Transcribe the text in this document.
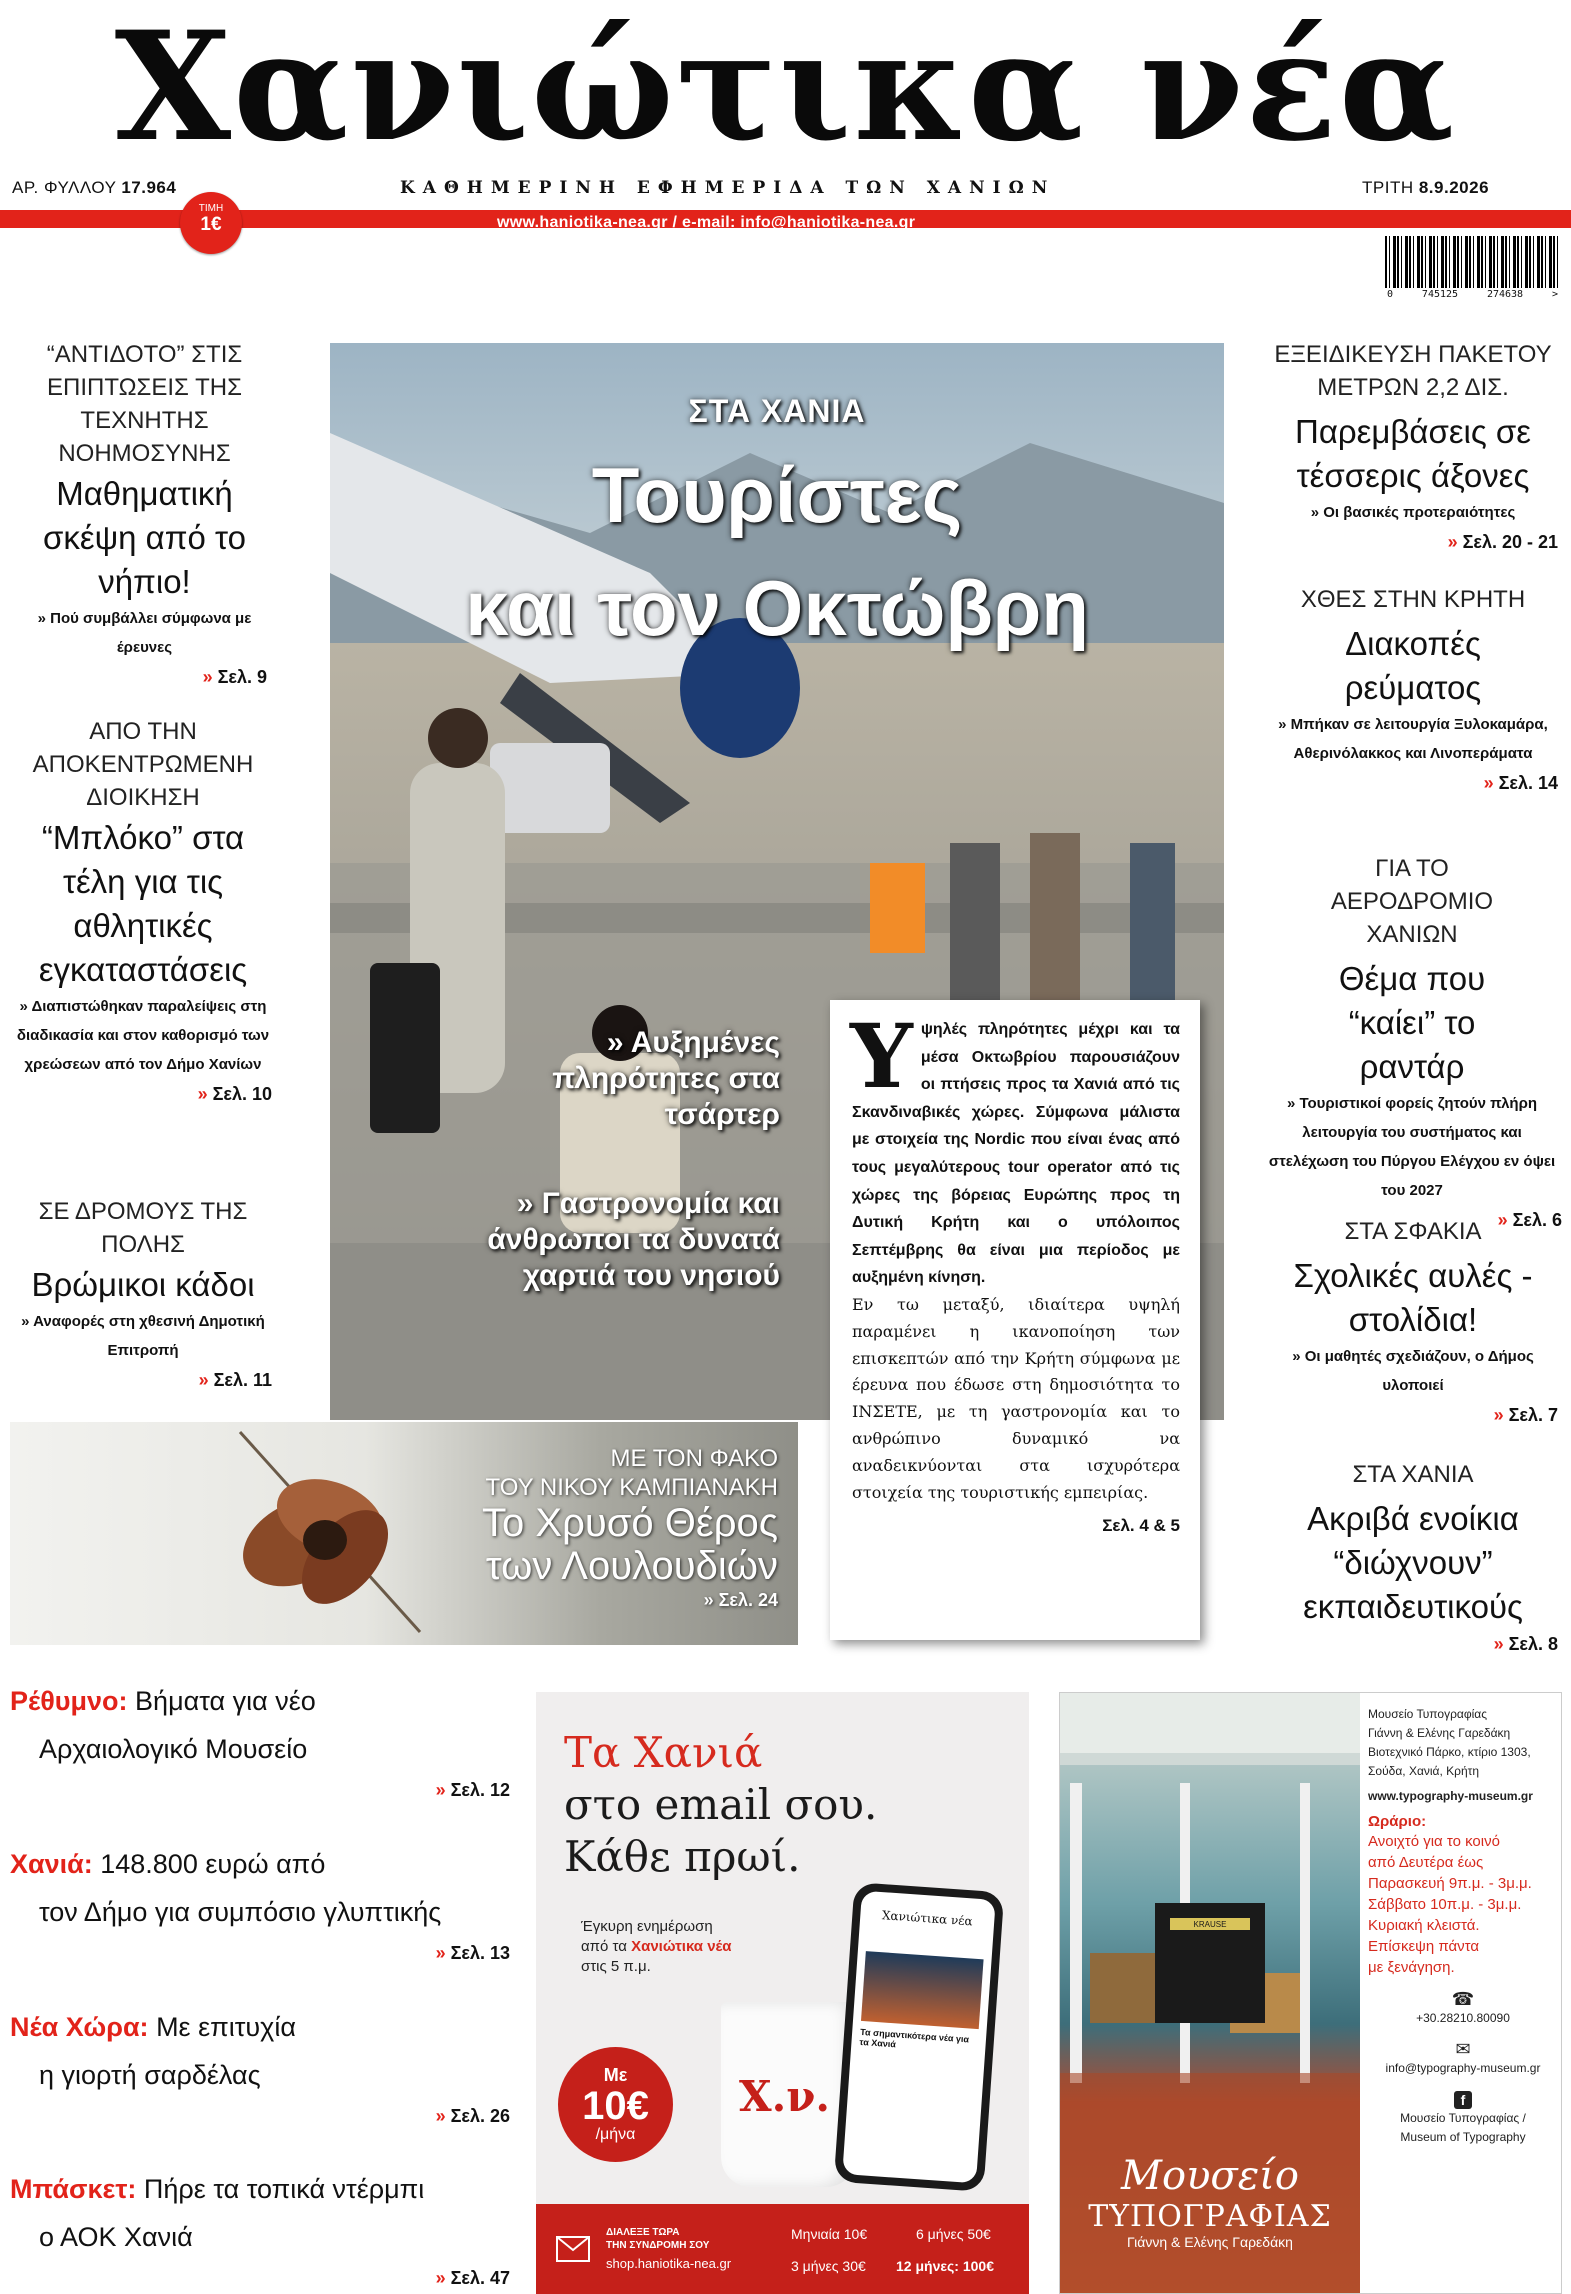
Χανιώτικα νέα
ΑΡ. ΦΥΛΛΟΥ 17.964	ΚΑΘΗΜΕΡΙΝΗ ΕΦΗΜΕΡΙΔΑ ΤΩΝ ΧΑΝΙΩΝ	ΤΡΙΤΗ 8.9.2026
www.haniotika-nea.gr / e-mail: info@haniotika-nea.gr
ΤΙΜΗ
1€
0	745125	274638	>
“ΑΝΤΙΔΟΤΟ” ΣΤΙΣ ΕΠΙΠΤΩΣΕΙΣ ΤΗΣ ΤΕΧΝΗΤΗΣ ΝΟΗΜΟΣΥΝΗΣ
Μαθηματική σκέψη από το νήπιο!
» Πού συμβάλλει σύμφωνα με έρευνες
» Σελ. 9
ΑΠΟ ΤΗΝ ΑΠΟΚΕΝΤΡΩΜΕΝΗ ΔΙΟΙΚΗΣΗ
“Μπλόκο” στα τέλη για τις αθλητικές εγκαταστάσεις
» Διαπιστώθηκαν παραλείψεις στη διαδικασία και στον καθορισμό των χρεώσεων από τον Δήμο Χανίων
» Σελ. 10
ΣΕ ΔΡΟΜΟΥΣ ΤΗΣ ΠΟΛΗΣ
Βρώμικοι κάδοι
» Αναφορές στη χθεσινή Δημοτική Επιτροπή
» Σελ. 11
ΣΤΑ ΧΑΝΙΑ
Τουρίστες
και τον Οκτώβρη
» Αυξημένες πληρότητες στα τσάρτερ
» Γαστρονομία και άνθρωποι τα δυνατά χαρτιά του νησιού
Υψηλές πληρότητες μέχρι και τα μέσα Οκτωβρίου παρουσιάζουν οι πτήσεις προς τα Χανιά από τις Σκανδιναβικές χώρες. Σύμφωνα μάλιστα με στοιχεία της Nordic που είναι ένας από τους μεγαλύτερους tour operator από τις χώρες της βόρειας Ευρώπης προς τη Δυτική Κρήτη και ο υπόλοιπος Σεπτέμβρης θα είναι μια περίοδος με αυξημένη κίνηση.
Εν τω μεταξύ, ιδιαίτερα υψηλή παραμένει η ικανοποίηση των επισκεπτών από την Κρήτη σύμφωνα με έρευνα που έδωσε στη δημοσιότητα το ΙΝΣΕΤΕ, με τη γαστρονομία και το ανθρώπινο δυναμικό να αναδεικνύονται στα ισχυρότερα στοιχεία της τουριστικής εμπειρίας.
Σελ. 4 & 5
ΕΞΕΙΔΙΚΕΥΣΗ ΠΑΚΕΤΟΥ ΜΕΤΡΩΝ 2,2 ΔΙΣ.
Παρεμβάσεις σε τέσσερις άξονες
» Οι βασικές προτεραιότητες
» Σελ. 20 - 21
ΧΘΕΣ ΣΤΗΝ ΚΡΗΤΗ
Διακοπές ρεύματος
» Μπήκαν σε λειτουργία Ξυλοκαμάρα, Αθερινόλακκος και Λινοπεράματα
» Σελ. 14
ΓΙΑ ΤΟ ΑΕΡΟΔΡΟΜΙΟ ΧΑΝΙΩΝ
Θέμα που “καίει” το ραντάρ
» Τουριστικοί φορείς ζητούν πλήρη λειτουργία του συστήματος και στελέχωση του Πύργου Ελέγχου εν όψει του 2027
» Σελ. 6
ΣΤΑ ΣΦΑΚΙΑ
Σχολικές αυλές - στολίδια!
» Οι μαθητές σχεδιάζουν, ο Δήμος υλοποιεί
» Σελ. 7
ΣΤΑ ΧΑΝΙΑ
Ακριβά ενοίκια “διώχνουν” εκπαιδευτικούς
» Σελ. 8
ΜΕ ΤΟΝ ΦΑΚΟ
ΤΟΥ ΝΙΚΟΥ ΚΑΜΠΙΑΝΑΚΗ
Το Χρυσό Θέρος
των Λουλουδιών
» Σελ. 24
Ρέθυμνο: Βήματα για νέο
Αρχαιολογικό Μουσείο
» Σελ. 12
Χανιά: 148.800 ευρώ από
τον Δήμο για συμπόσιο γλυπτικής
» Σελ. 13
Νέα Χώρα: Με επιτυχία
η γιορτή σαρδέλας
» Σελ. 26
Μπάσκετ: Πήρε τα τοπικά ντέρμπι
ο ΑΟΚ Χανιά
» Σελ. 47
Τα Χανιά
στο email σου.
Κάθε πρωί.
Έγκυρη ενημέρωση
από τα Χανιώτικα νέα
στις 5 π.μ.
Χ.ν.
Χανιώτικα νέα
Τα σημαντικότερα νέα για τα Χανιά
Με
10€
/μήνα
ΔΙΑΛΕΞΕ ΤΩΡΑ
ΤΗΝ ΣΥΝΔΡΟΜΗ ΣΟΥ
shop.haniotika-nea.gr
Μηνιαία 10€	6 μήνες 50€
3 μήνες 30€ 12 μήνες: 100€
KRAUSE
Μουσείο
ΤΥΠΟΓΡΑΦΙΑΣ
Γιάννη & Ελένης Γαρεδάκη
Μουσείο Τυπογραφίας
Γιάννη & Ελένης Γαρεδάκη
Βιοτεχνικό Πάρκο, κτίριο 1303,
Σούδα, Χανιά, Κρήτη
www.typography-museum.gr
Ωράριο:
Ανοιχτό για το κοινό
από Δευτέρα έως
Παρασκευή 9π.μ. - 3μ.μ.
Σάββατο 10π.μ. - 3μ.μ.
Κυριακή κλειστά.
Επίσκεψη πάντα
με ξενάγηση.
☎
+30.28210.80090
✉
info@typography-museum.gr
f
Μουσείο Τυπογραφίας /
Museum of Typography
